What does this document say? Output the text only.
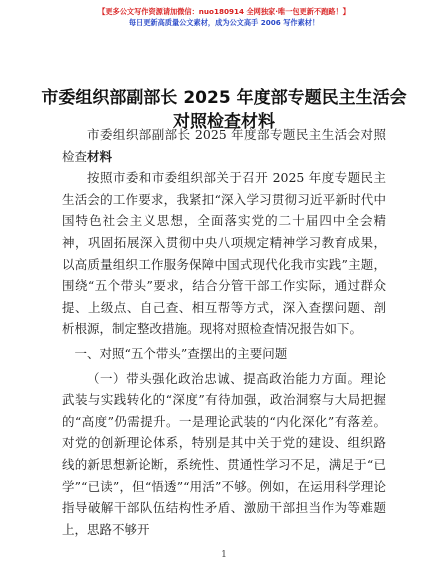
【更多公文写作资源请加微信：nuo180914 全网独家·唯一包更新不跑路！】
每日更新高质量公文素材，成为公文高手 2006 写作素材！
市委组织部副部长 2025 年度部专题民主生活会
对照检查材料

市委组织部副部长 2025 年度部专题民主生活会对照检查材料

按照市委和市委组织部关于召开 2025 年度专题民主生活会的工作要求，我紧扣“深入学习贯彻习近平新时代中国特色社会主义思想，全面落实党的二十届四中全会精神，巩固拓展深入贯彻中央八项规定精神学习教育成果，以高质量组织工作服务保障中国式现代化我市实践”主题，围绕“五个带头”要求，结合分管干部工作实际，通过群众提、上级点、自己查、相互帮等方式，深入查摆问题、剖析根源，制定整改措施。现将对照检查情况报告如下。

一、对照“五个带头”查摆出的主要问题

（一）带头强化政治忠诚、提高政治能力方面。理论武装与实践转化的“深度”有待加强，政治洞察与大局把握的“高度”仍需提升。一是理论武装的“内化深化”有落差。对党的创新理论体系，特别是其中关于党的建设、组织路线的新思想新论断，系统性、贯通性学习不足，满足于“已学”“已读”，但“悟透”“用活”不够。例如，在运用科学理论指导破解干部队伍结构性矛盾、激励干部担当作为等难题上，思路不够开

1
